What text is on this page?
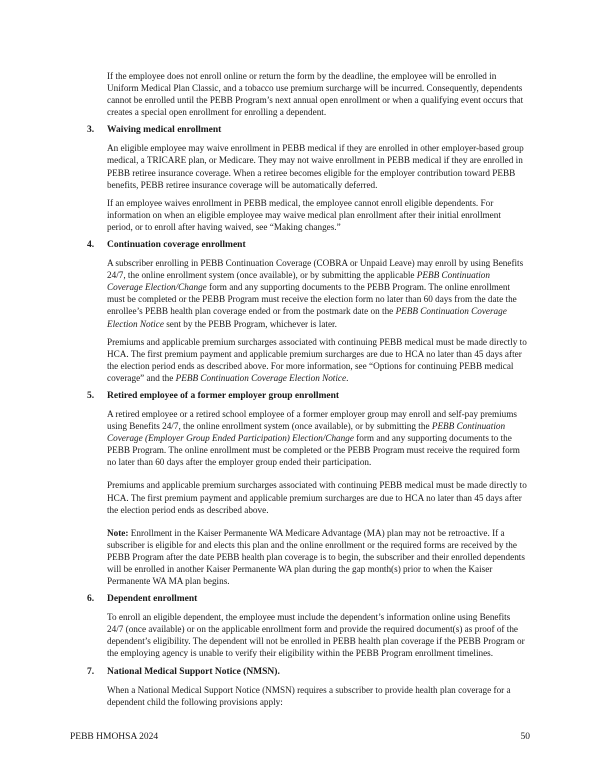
If the employee does not enroll online or return the form by the deadline, the employee will be enrolled in Uniform Medical Plan Classic, and a tobacco use premium surcharge will be incurred. Consequently, dependents cannot be enrolled until the PEBB Program’s next annual open enrollment or when a qualifying event occurs that creates a special open enrollment for enrolling a dependent.

3. Waiving medical enrollment

An eligible employee may waive enrollment in PEBB medical if they are enrolled in other employer-based group medical, a TRICARE plan, or Medicare. They may not waive enrollment in PEBB medical if they are enrolled in PEBB retiree insurance coverage. When a retiree becomes eligible for the employer contribution toward PEBB benefits, PEBB retiree insurance coverage will be automatically deferred.

If an employee waives enrollment in PEBB medical, the employee cannot enroll eligible dependents. For information on when an eligible employee may waive medical plan enrollment after their initial enrollment period, or to enroll after having waived, see “Making changes.”

4. Continuation coverage enrollment

A subscriber enrolling in PEBB Continuation Coverage (COBRA or Unpaid Leave) may enroll by using Benefits 24/7, the online enrollment system (once available), or by submitting the applicable PEBB Continuation Coverage Election/Change form and any supporting documents to the PEBB Program. The online enrollment must be completed or the PEBB Program must receive the election form no later than 60 days from the date the enrollee’s PEBB health plan coverage ended or from the postmark date on the PEBB Continuation Coverage Election Notice sent by the PEBB Program, whichever is later.

Premiums and applicable premium surcharges associated with continuing PEBB medical must be made directly to HCA. The first premium payment and applicable premium surcharges are due to HCA no later than 45 days after the election period ends as described above. For more information, see “Options for continuing PEBB medical coverage” and the PEBB Continuation Coverage Election Notice.

5. Retired employee of a former employer group enrollment

A retired employee or a retired school employee of a former employer group may enroll and self-pay premiums using Benefits 24/7, the online enrollment system (once available), or by submitting the PEBB Continuation Coverage (Employer Group Ended Participation) Election/Change form and any supporting documents to the PEBB Program. The online enrollment must be completed or the PEBB Program must receive the required form no later than 60 days after the employer group ended their participation.

Premiums and applicable premium surcharges associated with continuing PEBB medical must be made directly to HCA. The first premium payment and applicable premium surcharges are due to HCA no later than 45 days after the election period ends as described above.

Note: Enrollment in the Kaiser Permanente WA Medicare Advantage (MA) plan may not be retroactive. If a subscriber is eligible for and elects this plan and the online enrollment or the required forms are received by the PEBB Program after the date PEBB health plan coverage is to begin, the subscriber and their enrolled dependents will be enrolled in another Kaiser Permanente WA plan during the gap month(s) prior to when the Kaiser Permanente WA MA plan begins.

6. Dependent enrollment

To enroll an eligible dependent, the employee must include the dependent’s information online using Benefits 24/7 (once available) or on the applicable enrollment form and provide the required document(s) as proof of the dependent’s eligibility. The dependent will not be enrolled in PEBB health plan coverage if the PEBB Program or the employing agency is unable to verify their eligibility within the PEBB Program enrollment timelines.

7. National Medical Support Notice (NMSN).

When a National Medical Support Notice (NMSN) requires a subscriber to provide health plan coverage for a dependent child the following provisions apply:

PEBB HMOHSA 2024	50
